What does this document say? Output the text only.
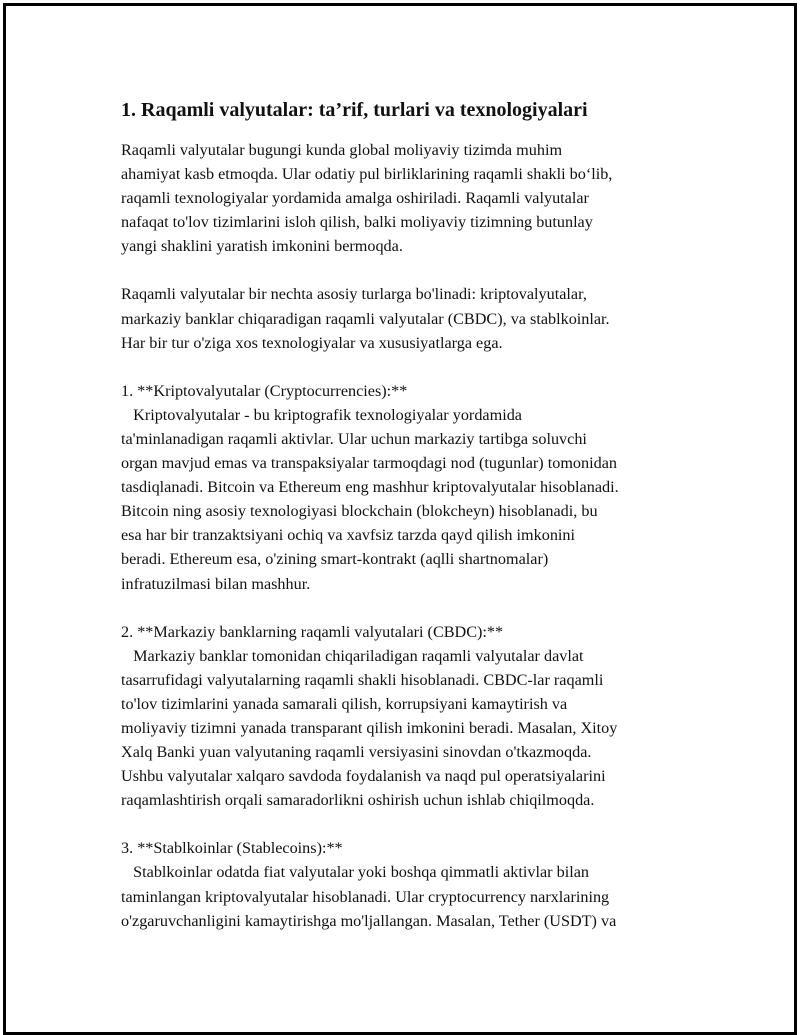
1. Raqamli valyutalar: ta’rif, turlari va texnologiyalari

Raqamli valyutalar bugungi kunda global moliyaviy tizimda muhim
ahamiyat kasb etmoqda. Ular odatiy pul birliklarining raqamli shakli bo‘lib,
raqamli texnologiyalar yordamida amalga oshiriladi. Raqamli valyutalar
nafaqat to'lov tizimlarini isloh qilish, balki moliyaviy tizimning butunlay
yangi shaklini yaratish imkonini bermoqda.

Raqamli valyutalar bir nechta asosiy turlarga bo'linadi: kriptovalyutalar,
markaziy banklar chiqaradigan raqamli valyutalar (CBDC), va stablkoinlar.
Har bir tur o'ziga xos texnologiyalar va xususiyatlarga ega.

1. **Kriptovalyutalar (Cryptocurrencies):**
Kriptovalyutalar - bu kriptografik texnologiyalar yordamida
ta'minlanadigan raqamli aktivlar. Ular uchun markaziy tartibga soluvchi
organ mavjud emas va transpaksiyalar tarmoqdagi nod (tugunlar) tomonidan
tasdiqlanadi. Bitcoin va Ethereum eng mashhur kriptovalyutalar hisoblanadi.
Bitcoin ning asosiy texnologiyasi blockchain (blokcheyn) hisoblanadi, bu
esa har bir tranzaktsiyani ochiq va xavfsiz tarzda qayd qilish imkonini
beradi. Ethereum esa, o'zining smart-kontrakt (aqlli shartnomalar)
infratuzilmasi bilan mashhur.

2. **Markaziy banklarning raqamli valyutalari (CBDC):**
Markaziy banklar tomonidan chiqariladigan raqamli valyutalar davlat
tasarrufidagi valyutalarning raqamli shakli hisoblanadi. CBDC-lar raqamli
to'lov tizimlarini yanada samarali qilish, korrupsiyani kamaytirish va
moliyaviy tizimni yanada transparant qilish imkonini beradi. Masalan, Xitoy
Xalq Banki yuan valyutaning raqamli versiyasini sinovdan o'tkazmoqda.
Ushbu valyutalar xalqaro savdoda foydalanish va naqd pul operatsiyalarini
raqamlashtirish orqali samaradorlikni oshirish uchun ishlab chiqilmoqda.

3. **Stablkoinlar (Stablecoins):**
Stablkoinlar odatda fiat valyutalar yoki boshqa qimmatli aktivlar bilan
taminlangan kriptovalyutalar hisoblanadi. Ular cryptocurrency narxlarining
o'zgaruvchanligini kamaytirishga mo'ljallangan. Masalan, Tether (USDT) va
